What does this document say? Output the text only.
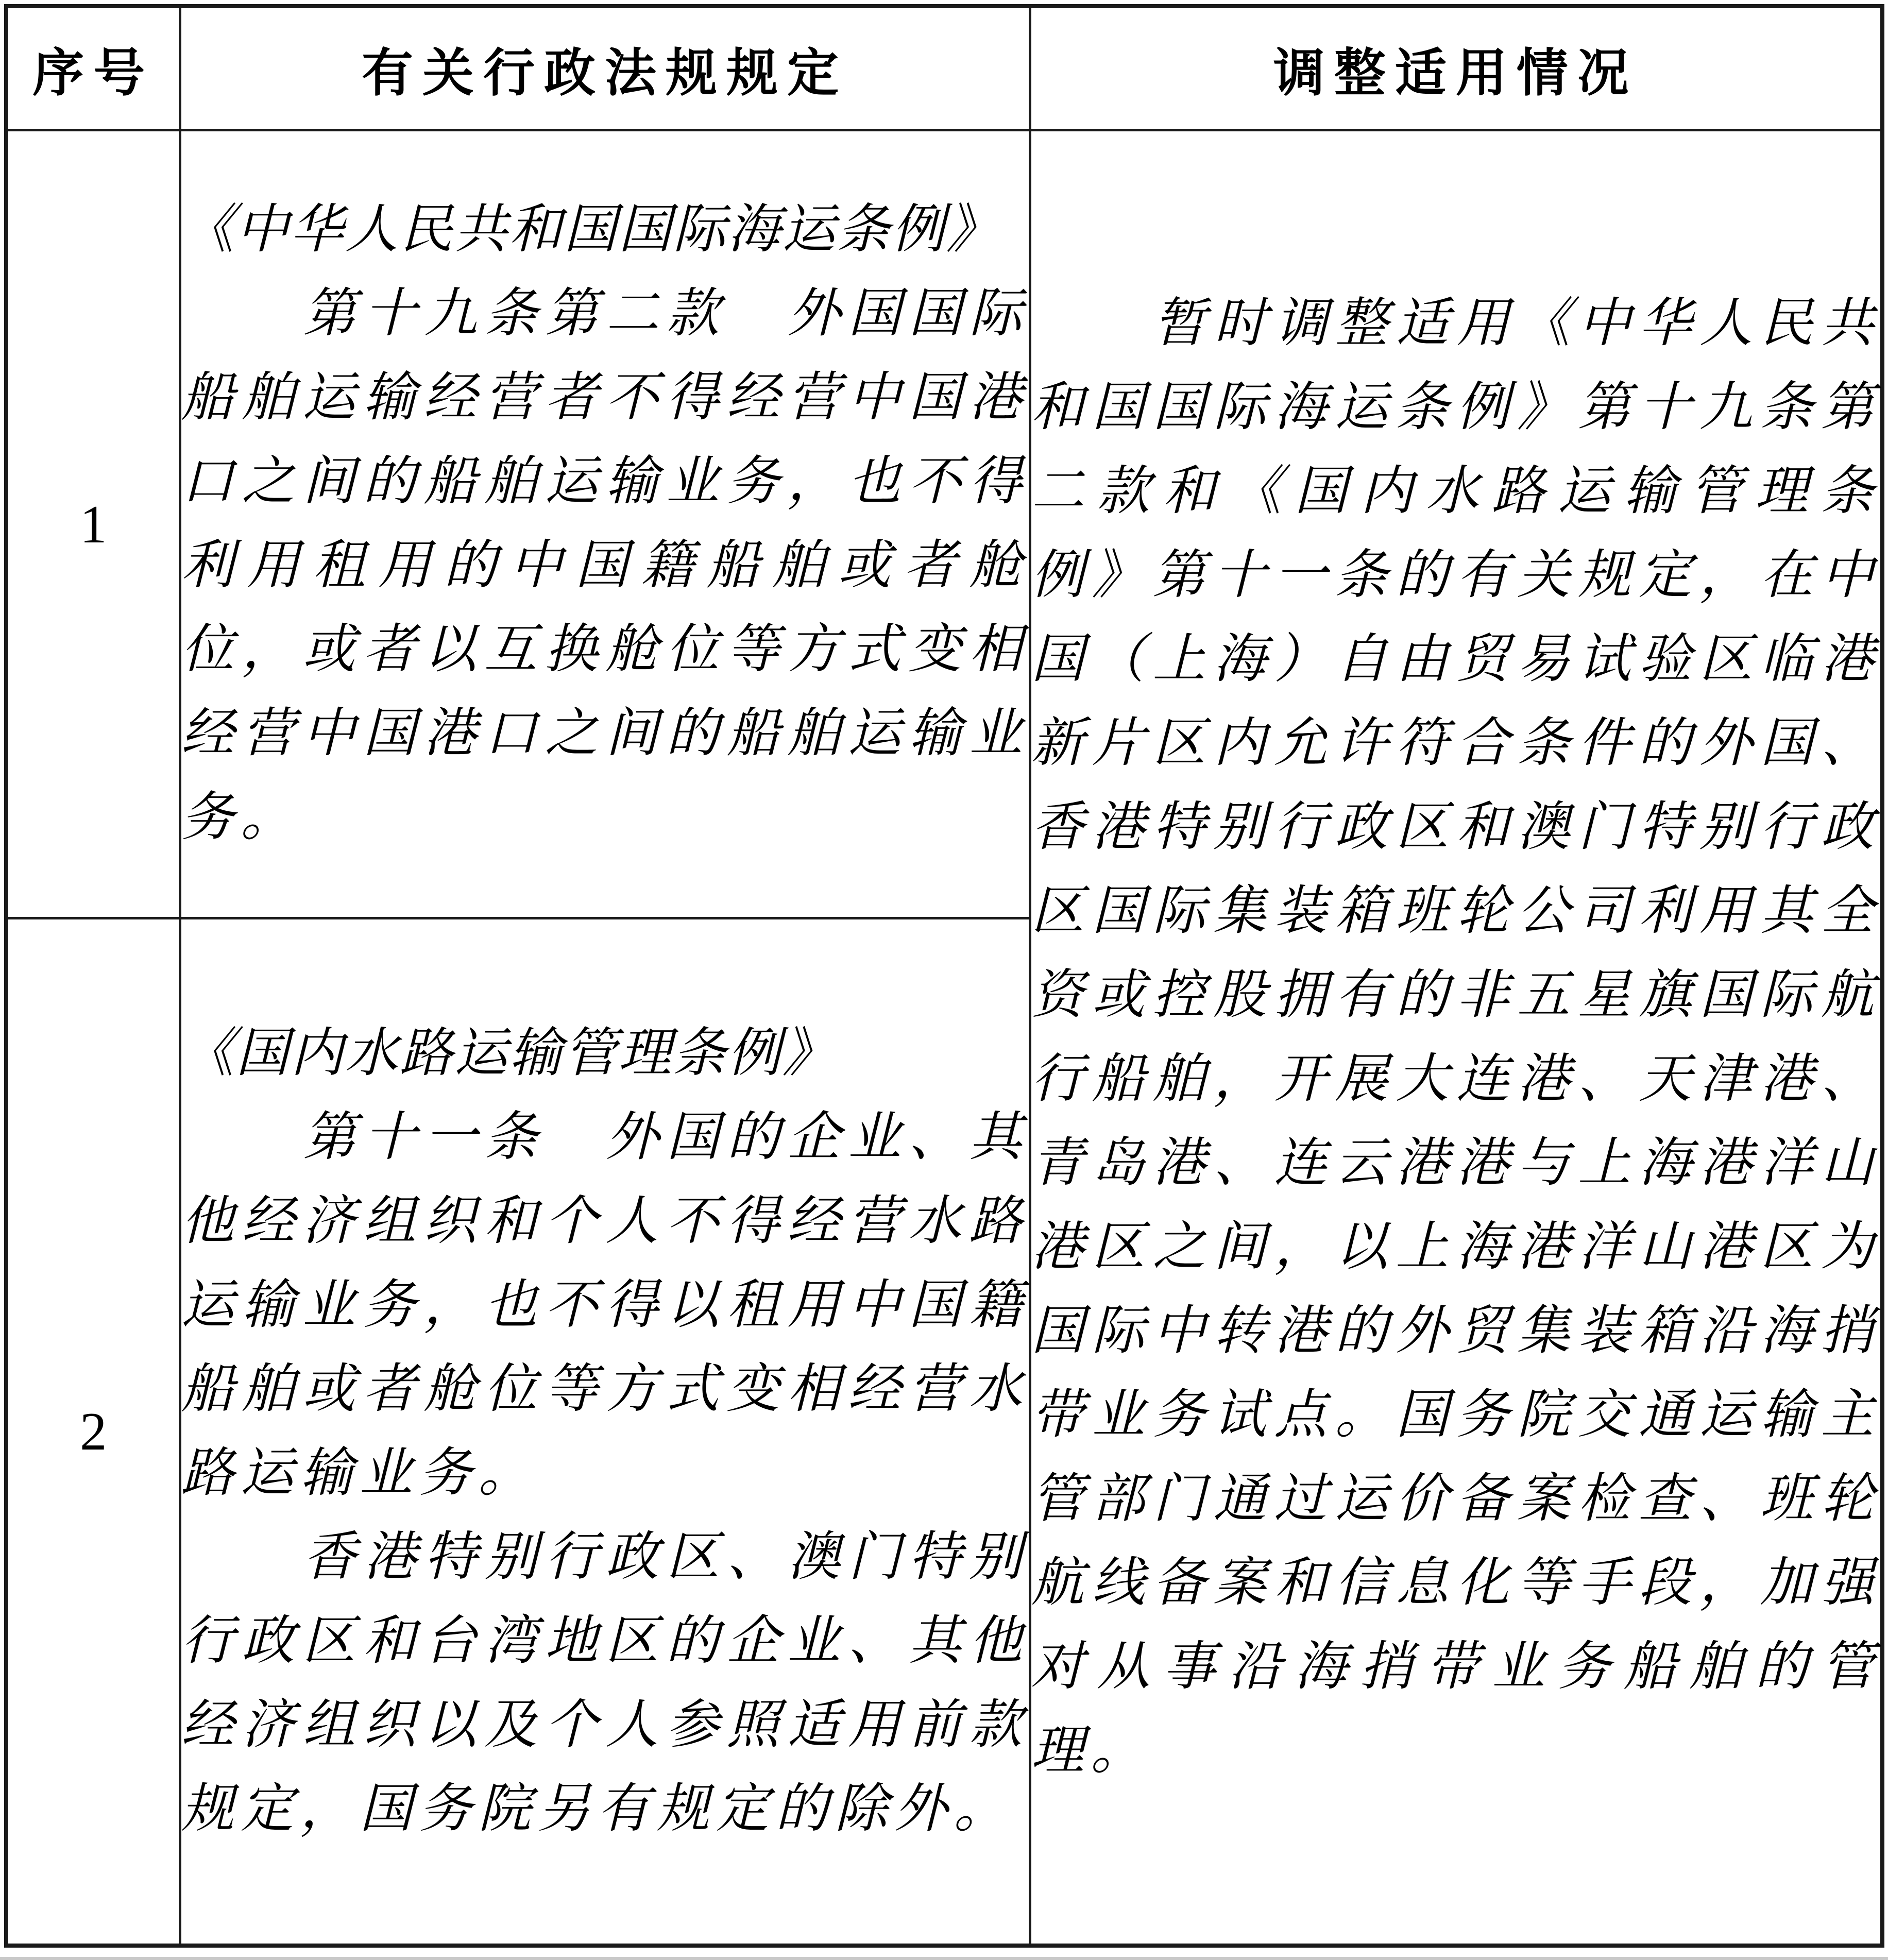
序号	有关行政法规规定	调整适用情况
1	《中华人民共和国国际海运条例》

第十九条第二款　外国国际船舶运输经营者不得经营中国港口之间的船舶运输业务，也不得利用租用的中国籍船舶或者舱位，或者以互换舱位等方式变相经营中国港口之间的船舶运输业务。	暂时调整适用《中华人民共和国国际海运条例》第十九条第二款和《国内水路运输管理条例》第十一条的有关规定，在中国（上海）自由贸易试验区临港新片区内允许符合条件的外国、香港特别行政区和澳门特别行政区国际集装箱班轮公司利用其全资或控股拥有的非五星旗国际航行船舶，开展大连港、天津港、青岛港、连云港港与上海港洋山港区之间，以上海港洋山港区为国际中转港的外贸集装箱沿海捎带业务试点。国务院交通运输主管部门通过运价备案检查、班轮航线备案和信息化等手段，加强对从事沿海捎带业务船舶的管理。

2	《国内水路运输管理条例》

第十一条　外国的企业、其他经济组织和个人不得经营水路运输业务，也不得以租用中国籍船舶或者舱位等方式变相经营水路运输业务。

香港特别行政区、澳门特别行政区和台湾地区的企业、其他经济组织以及个人参照适用前款规定，国务院另有规定的除外。	
